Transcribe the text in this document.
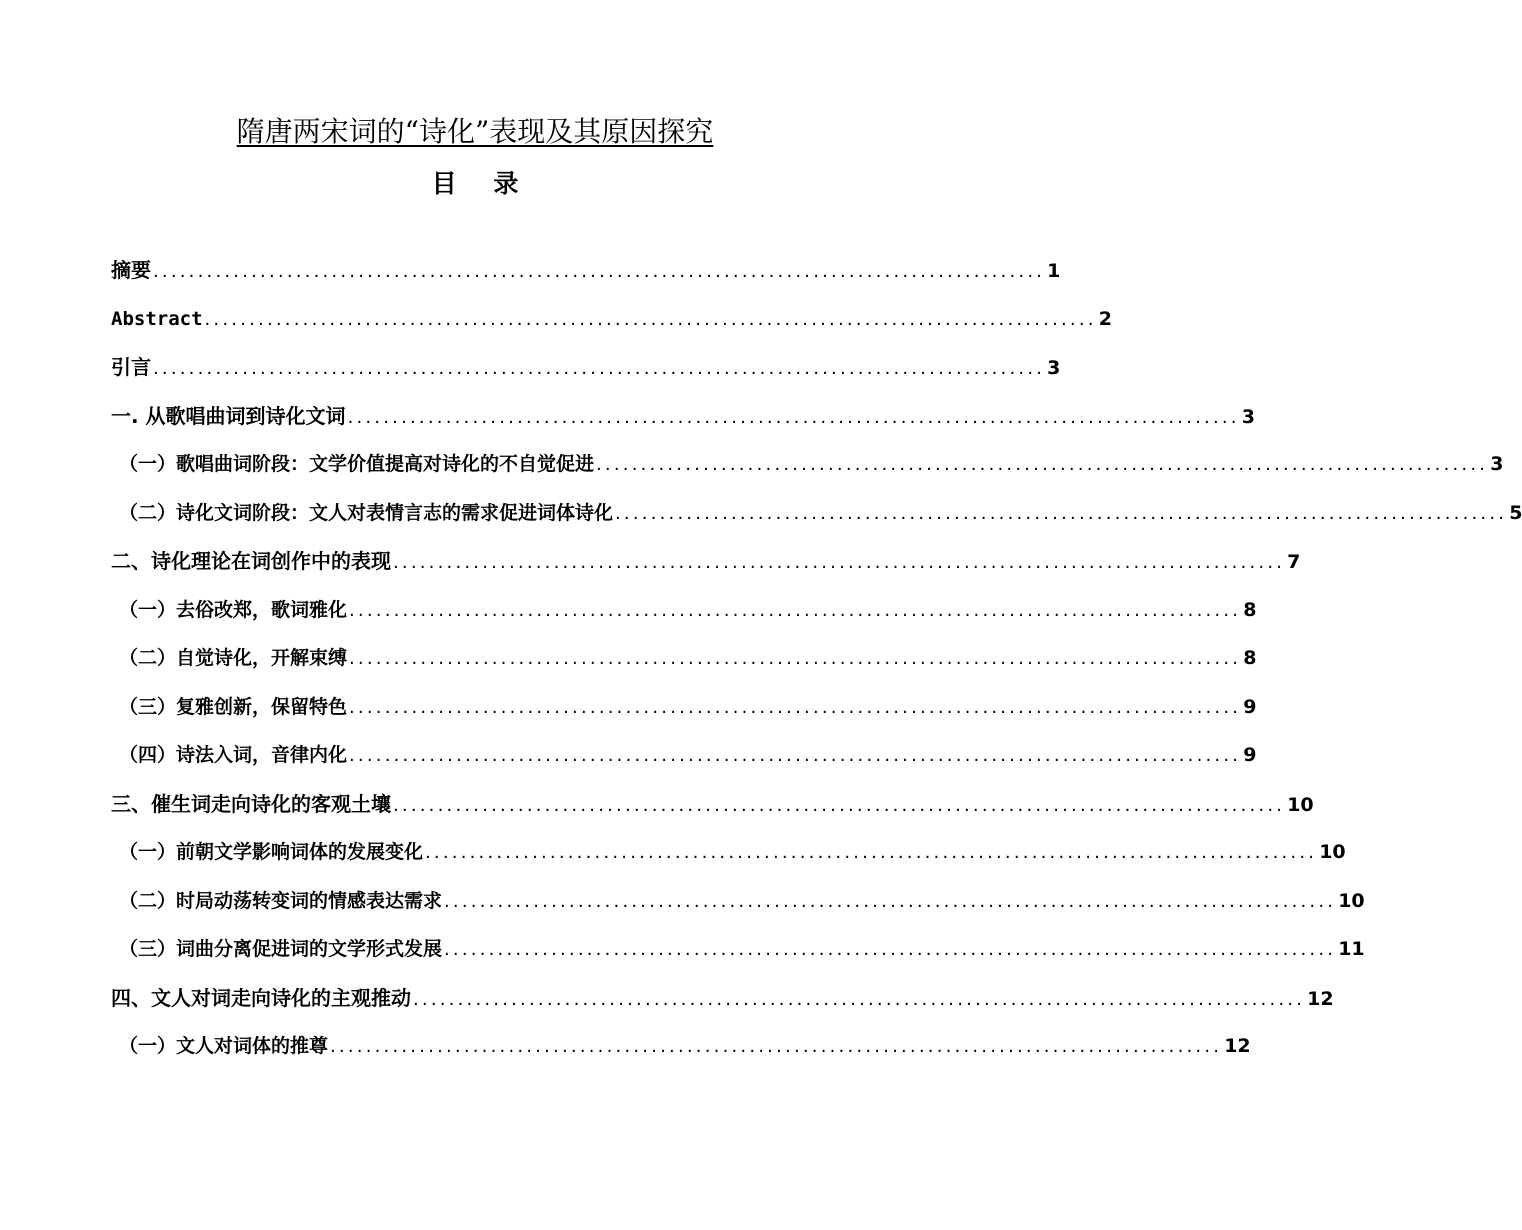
隋唐两宋词的“诗化”表现及其原因探究
目 录
摘要 .................................................................................................... 1
Abstract .................................................................................................... 2
引言 .................................................................................................... 3
一. 从歌唱曲词到诗化文词 .................................................................................................... 3
（一）歌唱曲词阶段：文学价值提高对诗化的不自觉促进 .................................................................................................... 3
（二）诗化文词阶段：文人对表情言志的需求促进词体诗化 .................................................................................................... 5
二、诗化理论在词创作中的表现 .................................................................................................... 7
（一）去俗改郑，歌词雅化 .................................................................................................... 8
（二）自觉诗化，开解束缚 .................................................................................................... 8
（三）复雅创新，保留特色 .................................................................................................... 9
（四）诗法入词，音律内化 .................................................................................................... 9
三、催生词走向诗化的客观土壤 .................................................................................................... 10
（一）前朝文学影响词体的发展变化 .................................................................................................... 10
（二）时局动荡转变词的情感表达需求 .................................................................................................... 10
（三）词曲分离促进词的文学形式发展 .................................................................................................... 11
四、文人对词走向诗化的主观推动 .................................................................................................... 12
（一）文人对词体的推尊 .................................................................................................... 12
